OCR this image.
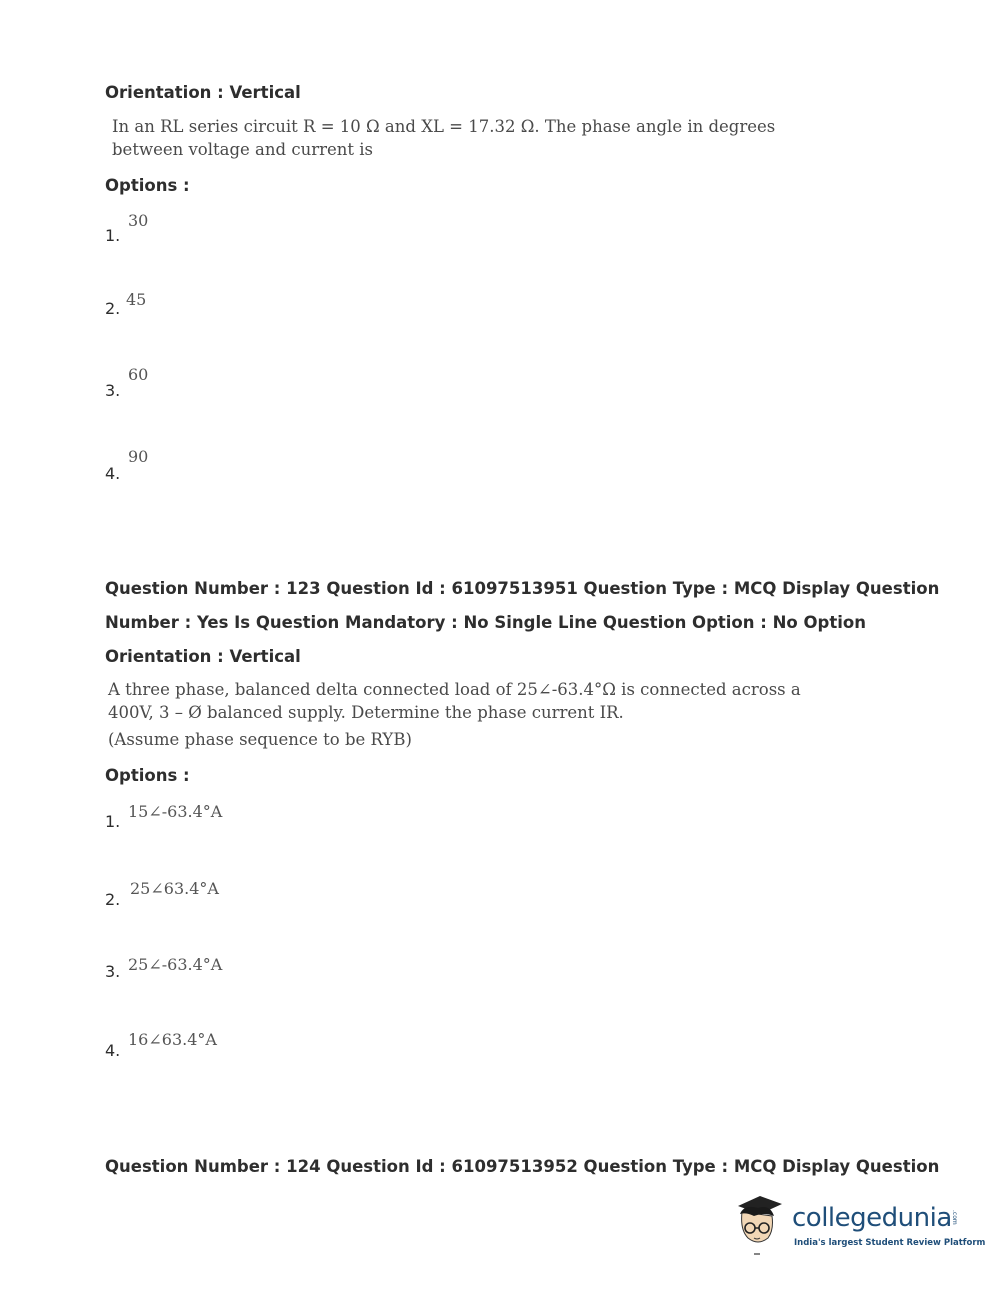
Orientation : Vertical
In an RL series circuit R = 10 Ω and XL = 17.32 Ω. The phase angle in degrees
between voltage and current is
Options :
1.
30
2. 45
3.
60
4.
90
Question Number : 123 Question Id : 61097513951 Question Type : MCQ Display Question
Number : Yes Is Question Mandatory : No Single Line Question Option : No Option
Orientation : Vertical
A three phase, balanced delta connected load of 25∠-63.4°Ω is connected across a
400V, 3 – Ø balanced supply. Determine the phase current IR.
(Assume phase sequence to be RYB)
Options :
1.
15∠-63.4°A
2.
25∠63.4°A
3. 25∠-63.4°A
4.
16∠63.4°A
Question Number : 124 Question Id : 61097513952 Question Type : MCQ Display Question
collegedunia .com
India's largest Student Review Platform
